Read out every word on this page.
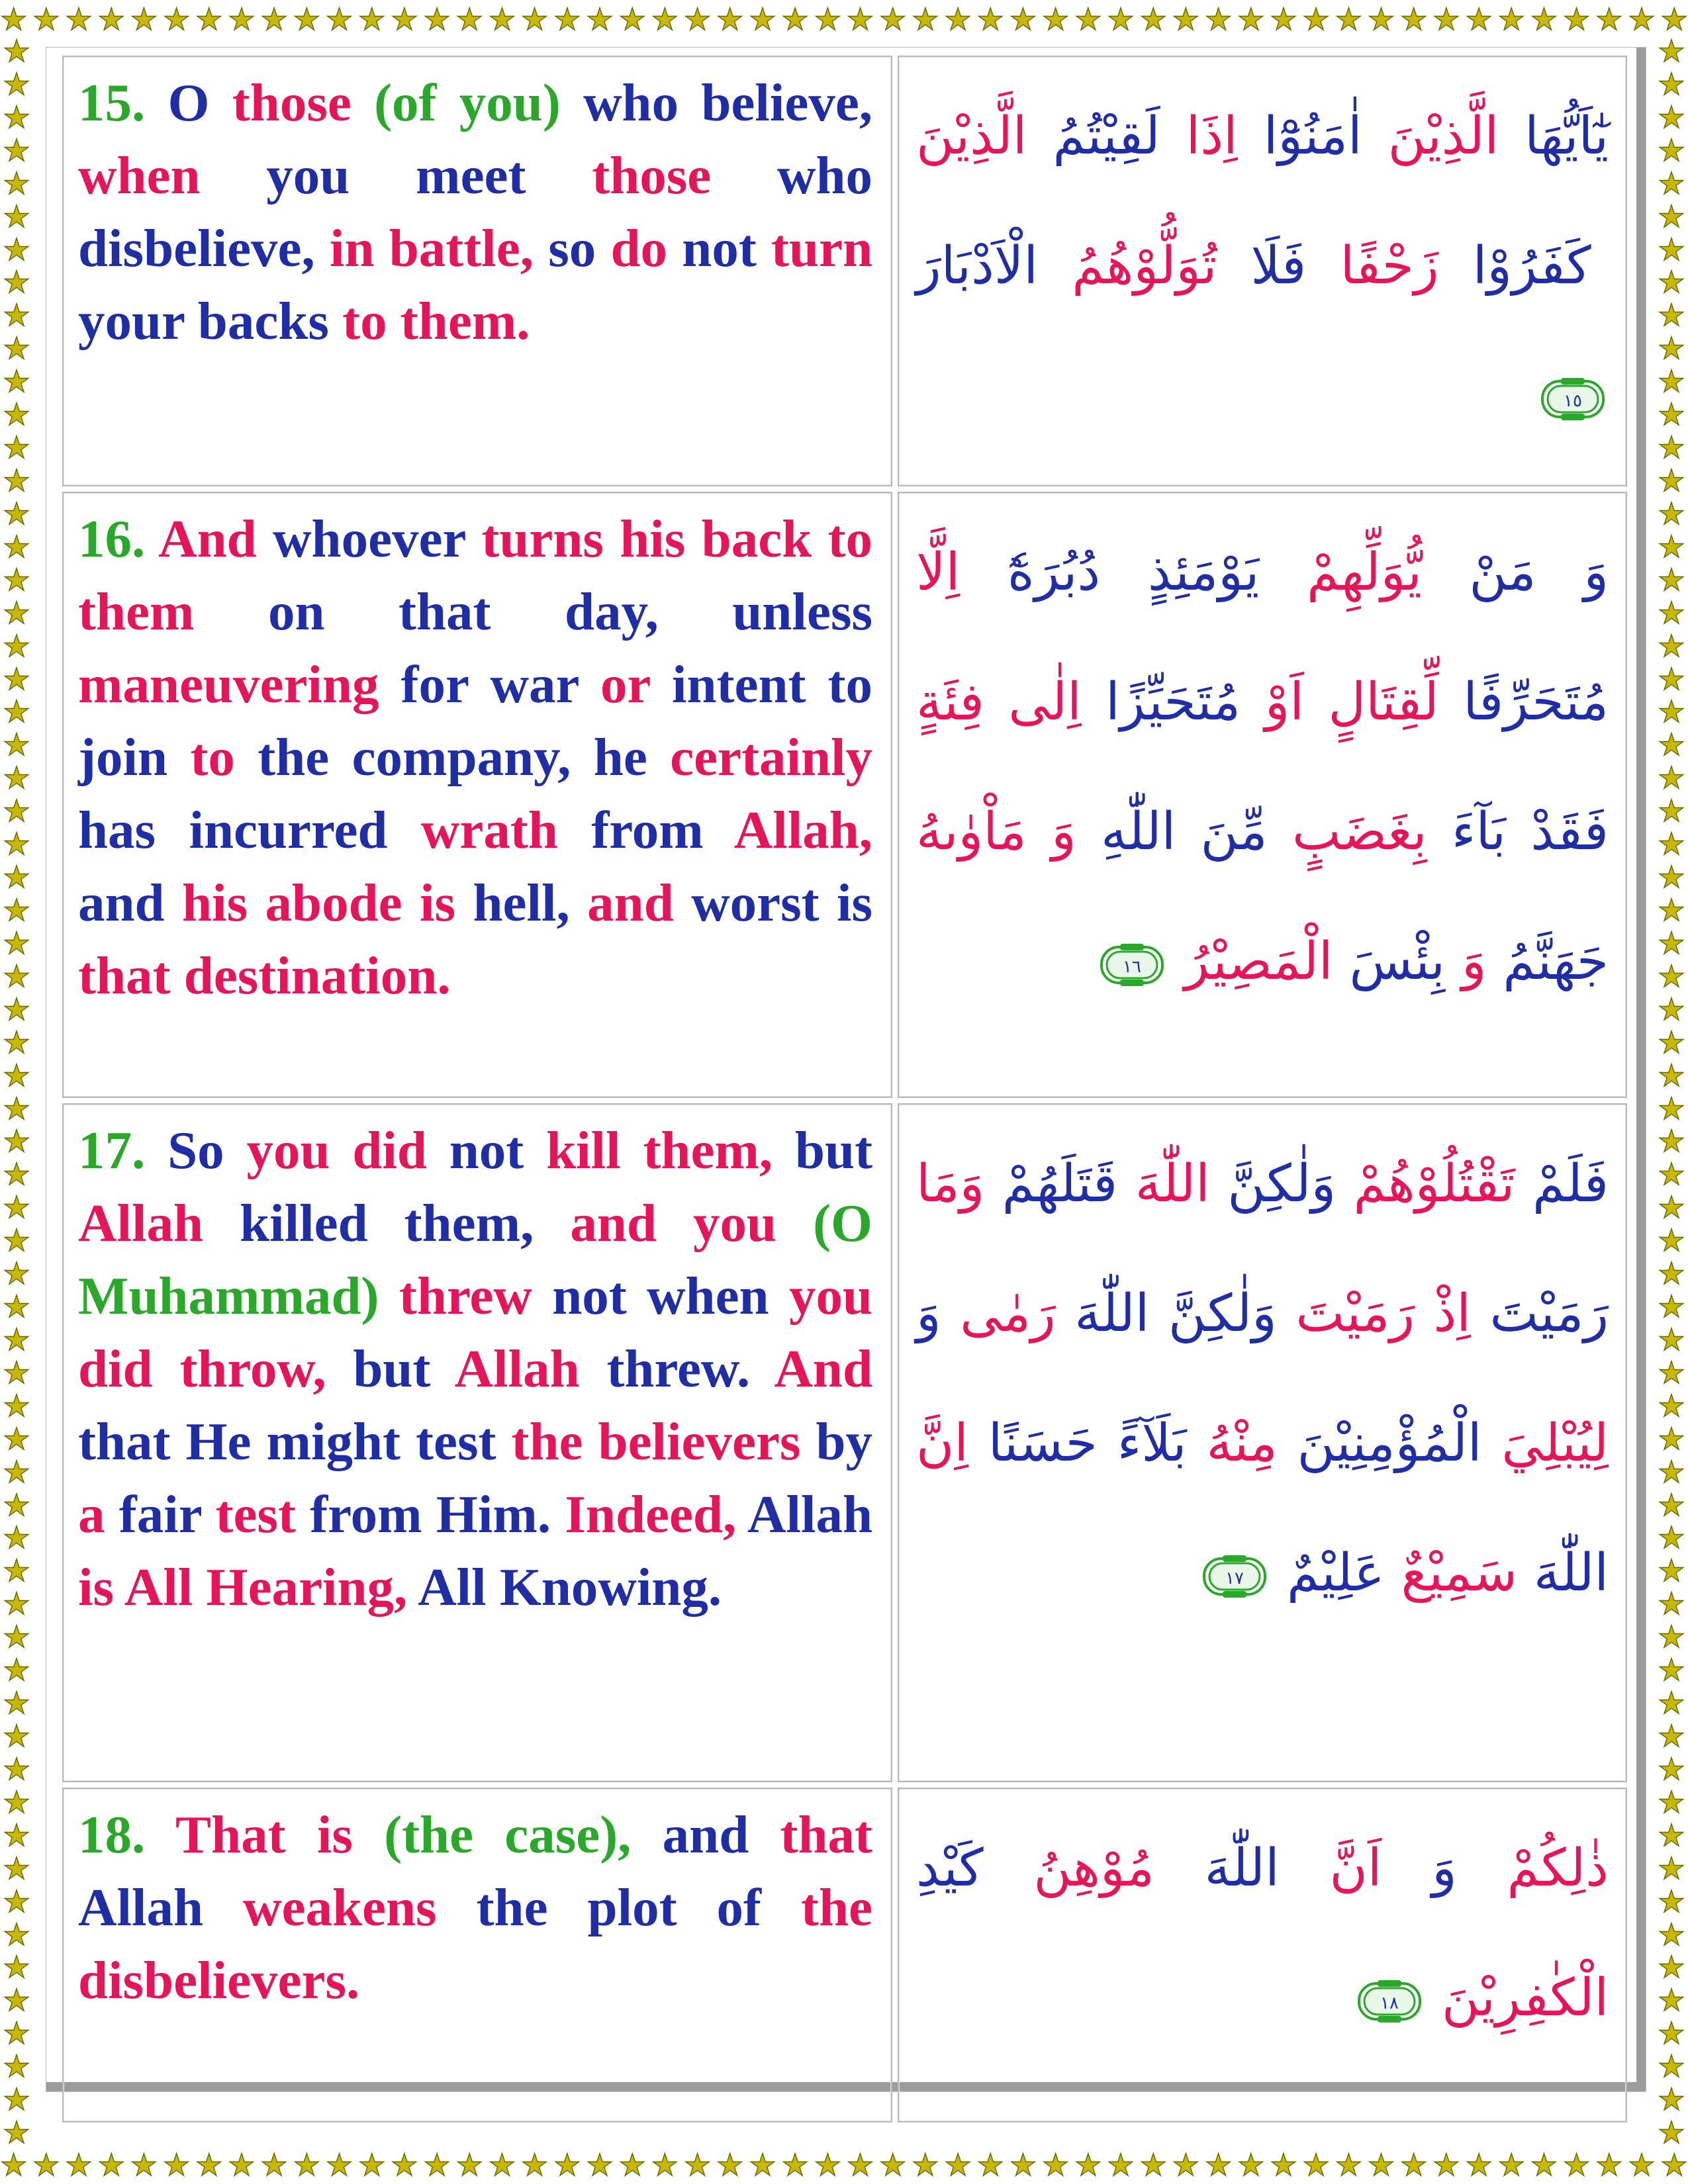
★ ★ ★ ★ ★ ★ ★ ★ ★ ★ ★ ★ ★ ★ ★ ★ ★ ★ ★ ★ ★ ★ ★ ★ ★ ★ ★ ★ ★ ★ ★ ★ ★ ★ ★ ★ ★ ★ ★ ★ ★ ★ ★ ★ ★ ★ ★ ★ ★ ★ ★ ★
★ ★ ★ ★ ★ ★ ★ ★ ★ ★ ★ ★ ★ ★ ★ ★ ★ ★ ★ ★ ★ ★ ★ ★ ★ ★ ★ ★ ★ ★ ★ ★ ★ ★ ★ ★ ★ ★ ★ ★ ★ ★ ★ ★ ★ ★ ★ ★ ★ ★ ★ ★
★
★
★
★
★
★
★
★
★
★
★
★
★
★
★
★
★
★
★
★
★
★
★
★
★
★
★
★
★
★
★
★
★
★
★
★
★
★
★
★
★
★
★
★
★
★
★
★
★
★
★
★
★
★
★
★
★
★
★
★
★
★
★
★
★
★
★
★
★
★
★
★
★
★
★
★
★
★
★
★
★
★
★
★
★
★
★
★
★
★
★
★
★
★
★
★
★
★
★
★
★
★
★
★
★
★
★
★
★
★
★
★
★
★
★
★
★
★
★
★
★
★
★
★
★
★
★
★
15. O those (of you) who believe, when you meet those who disbelieve, in battle, so do not turn your backs to them.	يٰٓاَيُّهَا الَّذِيْنَ اٰمَنُوْٓا اِذَا لَقِيْتُمُ الَّذِيْنَ كَفَرُوْا زَحْفًا فَلَا تُوَلُّوْهُمُ الْاَدْبَارَ
١٥

16. And whoever turns his back to them on that day, unless maneuvering for war or intent to join to the company, he certainly has incurred wrath from Allah, and his abode is hell, and worst is that destination.	وَ مَنْ يُّوَلِّهِمْ يَوْمَئِذٍ دُبُرَهٗٓ اِلَّا مُتَحَرِّفًا لِّقِتَالٍ اَوْ مُتَحَيِّزًا اِلٰى فِئَةٍ فَقَدْ بَآءَ بِغَضَبٍ مِّنَ اللّٰهِ وَ مَاْوٰىهُ جَهَنَّمُ وَ بِئْسَ الْمَصِيْرُ
١٦

17. So you did not kill them, but Allah killed them, and you (O Muhammad) threw not when you did throw, but Allah threw. And that He might test the believers by a fair test from Him. Indeed, Allah is All Hearing, All Knowing.	فَلَمْ تَقْتُلُوْهُمْ وَلٰكِنَّ اللّٰهَ قَتَلَهُمْ وَمَا رَمَيْتَ اِذْ رَمَيْتَ وَلٰكِنَّ اللّٰهَ رَمٰى وَ لِيُبْلِيَ الْمُؤْمِنِيْنَ مِنْهُ بَلَآءً حَسَنًا اِنَّ اللّٰهَ سَمِيْعٌ عَلِيْمٌ
١٧

18. That is (the case), and that Allah weakens the plot of the disbelievers.	ذٰلِكُمْ وَ اَنَّ اللّٰهَ مُوْهِنُ كَيْدِ الْكٰفِرِيْنَ
١٨
